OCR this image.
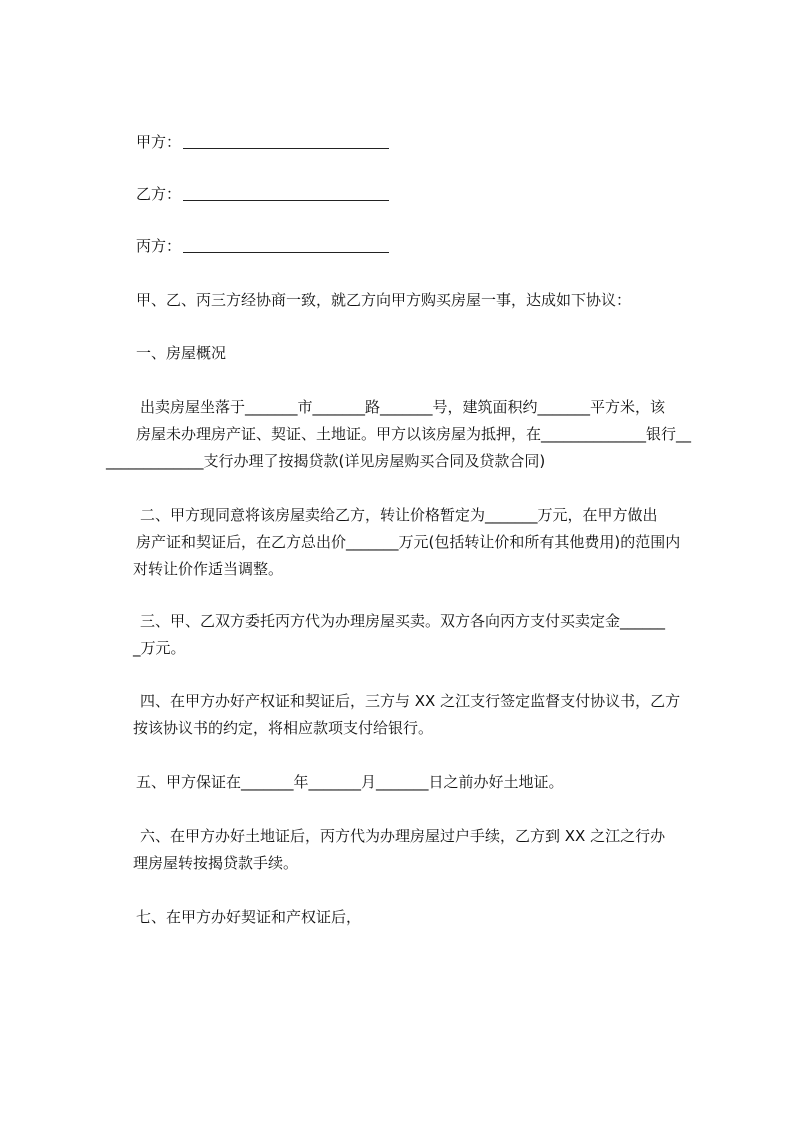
甲方：
乙方：
丙方：
甲、乙、丙三方经协商一致，就乙方向甲方购买房屋一事，达成如下协议：
一、房屋概况
出卖房屋坐落于_______市_______路_______号，建筑面积约_______平方米，该
房屋未办理房产证、契证、土地证。甲方以该房屋为抵押，在______________银行__
_____________支行办理了按揭贷款(详见房屋购买合同及贷款合同)
二、甲方现同意将该房屋卖给乙方，转让价格暂定为_______万元，在甲方做出
房产证和契证后，在乙方总出价_______万元(包括转让价和所有其他费用)的范围内
对转让价作适当调整。
三、甲、乙双方委托丙方代为办理房屋买卖。双方各向丙方支付买卖定金______
_万元。
四、在甲方办好产权证和契证后，三方与 XX 之江支行签定监督支付协议书，乙方
按该协议书的约定，将相应款项支付给银行。
五、甲方保证在_______年_______月_______日之前办好土地证。
六、在甲方办好土地证后，丙方代为办理房屋过户手续，乙方到 XX 之江之行办
理房屋转按揭贷款手续。
七、在甲方办好契证和产权证后，
